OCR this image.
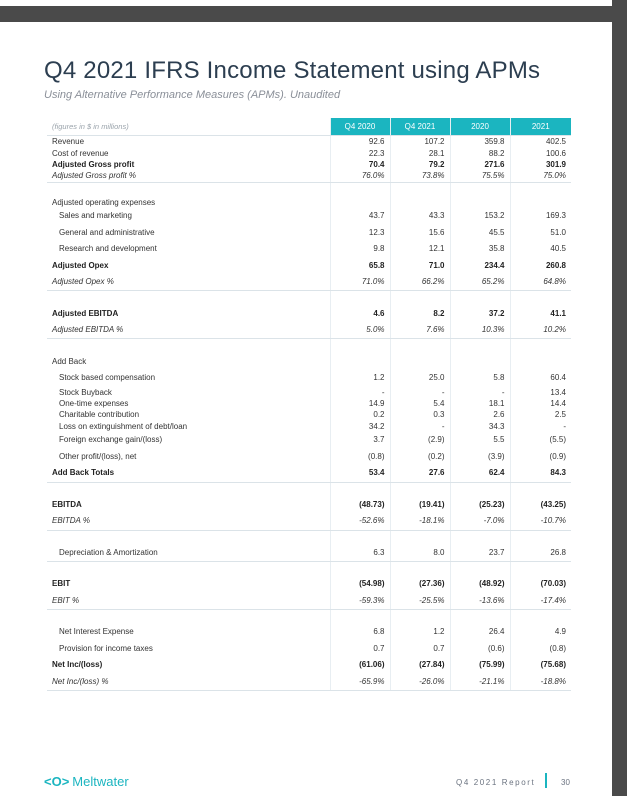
Q4 2021 IFRS Income Statement using APMs

Using Alternative Performance Measures (APMs). Unaudited

(figures in $ in millions)	Q4 2020	Q4 2021	2020	2021
Revenue	92.6	107.2	359.8	402.5
Cost of revenue	22.3	28.1	88.2	100.6
Adjusted Gross profit	70.4	79.2	271.6	301.9
Adjusted Gross profit %	76.0%	73.8%	75.5%	75.0%

Adjusted operating expenses				
Sales and marketing	43.7	43.3	153.2	169.3
General and administrative	12.3	15.6	45.5	51.0
Research and development	9.8	12.1	35.8	40.5
Adjusted Opex	65.8	71.0	234.4	260.8
Adjusted Opex %	71.0%	66.2%	65.2%	64.8%

Adjusted EBITDA	4.6	8.2	37.2	41.1
Adjusted EBITDA %	5.0%	7.6%	10.3%	10.2%

Add Back				
Stock based compensation	1.2	25.0	5.8	60.4
Stock Buyback	-	-	-	13.4
One-time expenses	14.9	5.4	18.1	14.4
Charitable contribution	0.2	0.3	2.6	2.5
Loss on extinguishment of debt/loan	34.2	-	34.3	-
Foreign exchange gain/(loss)	3.7	(2.9)	5.5	(5.5)
Other profit/(loss), net	(0.8)	(0.2)	(3.9)	(0.9)
Add Back Totals	53.4	27.6	62.4	84.3

EBITDA	(48.73)	(19.41)	(25.23)	(43.25)
EBITDA %	-52.6%	-18.1%	-7.0%	-10.7%

Depreciation & Amortization	6.3	8.0	23.7	26.8

EBIT	(54.98)	(27.36)	(48.92)	(70.03)
EBIT %	-59.3%	-25.5%	-13.6%	-17.4%

Net Interest Expense	6.8	1.2	26.4	4.9
Provision for income taxes	0.7	0.7	(0.6)	(0.8)
Net Inc/(loss)	(61.06)	(27.84)	(75.99)	(75.68)
Net Inc/(loss) %	-65.9%	-26.0%	-21.1%	-18.8%
<O> Meltwater	Q4 2021 Report	30
